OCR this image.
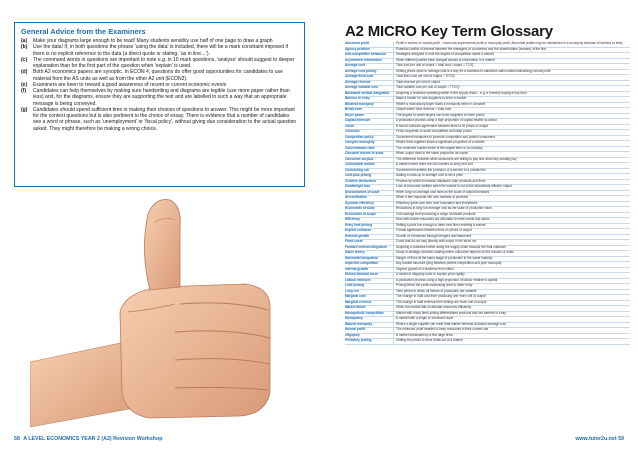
General Advice from the Examiners
(a)	Make your diagrams large enough to be read! Many students sensibly use half of one page to draw a graph
(b)	Use the data! If, in both questions the phrase 'using the data' is included, there will be a mark constraint imposed if there is no explicit reference to the data (a direct quote or stating, 'as in line…').
(c)	The command words in questions are important to note e.g. in 10 mark questions, 'analyse' should suggest to deeper explanation than for the first part of the question when 'explain' is used.
(d)	Both A2 economics papers are synoptic. In ECON 4, questions do offer good opportunities for candidates to use material from the AS units as well as from the other A2 unit (ECON3).
(e)	Examiners are keen to reward a good awareness of recent or current economic events
(f)	Candidates can help themselves by making sure handwriting and diagrams are legible (use more paper rather than less) and, for the diagrams, ensure they are supporting the text and are labelled in such a way that an appropriate message is being conveyed.
(g)	Candidates should spend sufficient time in making their choices of questions to answer. This might be more important for the context questions but is also pertinent to the choice of essay. There is evidence that a number of candidates see a word or phrase, such as 'unemployment' or 'fiscal policy', without giving due consideration to the actual question asked. They might therefore be making a wrong choice.
58 A LEVEL ECONOMICS YEAR 2 (A2) Revision Workshop
A2 MICRO Key Term Glossary
Abnormal profit	Profit in excess of normal profit – known as supernormal profit or monopoly profit. Abnormal profits may be maintained in a monopoly because of barriers to entry
Agency problem	Potential conflict of interest between the managers of a business and the shareholders (owners) of the firm
Anti-competitive behaviour	Strategies designed to limit the degree of competition inside a market
Asymmetric information	When different parties have unequal access to information in a market
Average cost	Total cost per unit of output = total cost / output = TC/Q
Average cost pricing	Setting prices close to average cost is a way for a business to maximise sales whilst maintaining normal profit
Average fixed cost	Total fixed cost per unit of output = TFC/Q
Average revenue	Total revenue per unit of output
Average variable cost	Total variable cost per unit of output = TVC/Q
Backward vertical integration	Acquiring a business operating earlier in the supply chain – e.g. a brewery buying a hop farm
Barriers to entry	Make it harder for new suppliers to enter a market
Bilateral monopoly	Where a monopsony buyer faces a monopoly seller in a market
Break-even	Output where total revenue = total cost
Buyer power	The degree to which buyers can force suppliers to lower prices
Capital intensive	A production process using a high proportion of capital relative to labour
Cartel	A formal collusive agreement between firms to fix prices or output
Collusion	Firms cooperate to avoid competition and raise prices
Competition policy	Government measures to promote competition and protect consumers
Complex monopoly	Where firms together share a significant proportion of a market
Concentration ratio	The combined market share of the largest firms in an industry
Constant returns to scale	When output rises in the same proportion as inputs
Consumer surplus	The difference between what consumers are willing to pay and what they actually pay
Contestable market	A market where there are low barriers to entry and exit
Contracting out	Government transfers the provision of a service to a private firm
Cost-plus pricing	Adding a mark-up to average cost to set a price
Creative destruction	Process by which innovation displaces older products and firms
Deadweight loss	Loss of economic welfare when the market is not at the allocatively efficient output
Diseconomies of scale	When long run average cost rises as the scale of output increases
Diversification	When a firm expands into new markets or products
Dynamic efficiency	Efficiency gains over time from innovation and investment
Economies of scale	Reductions in long run average cost as the scale of production rises
Economies of scope	Cost savings from producing a range of related products
Efficiency	How well scarce resources are allocated to meet needs and wants
Entry limit pricing	Setting a price low enough to deter new firms entering a market
Explicit collusion	Formal agreements between firms on prices or output
External growth	Growth of a business through mergers and takeovers
Fixed costs	Costs that do not vary directly with output in the short run
Forward vertical integration	Acquiring a business further along the supply chain towards the final customer
Game theory	Study of strategic decision-making where outcomes depend on the choices of rivals
Horizontal integration	Merger of firms at the same stage of production in the same industry
Imperfect competition	Any market structure lying between perfect competition and pure monopoly
Internal growth	Organic growth of a business from within
Kinked demand curve	A model of oligopoly used to explain price rigidity
Labour intensive	A production process using a high proportion of labour relative to capital
Limit pricing	Pricing below the profit-maximising level to deter entry
Long run	Time period in which all factors of production are variable
Marginal cost	The change in total cost from producing one more unit of output
Marginal revenue	The change in total revenue from selling one more unit of output
Market failure	When the market fails to allocate resources efficiently
Monopolistic competition	Market with many firms selling differentiated products and low barriers to entry
Monopsony	A market with a single or dominant buyer
Natural monopoly	Where a single supplier can meet total market demand at lowest average cost
Normal profit	The minimum profit needed to keep resources in their current use
Oligopoly	A market dominated by a few large firms
Predatory pricing	Setting low prices to drive rivals out of a market
www.tutor2u.net 59
